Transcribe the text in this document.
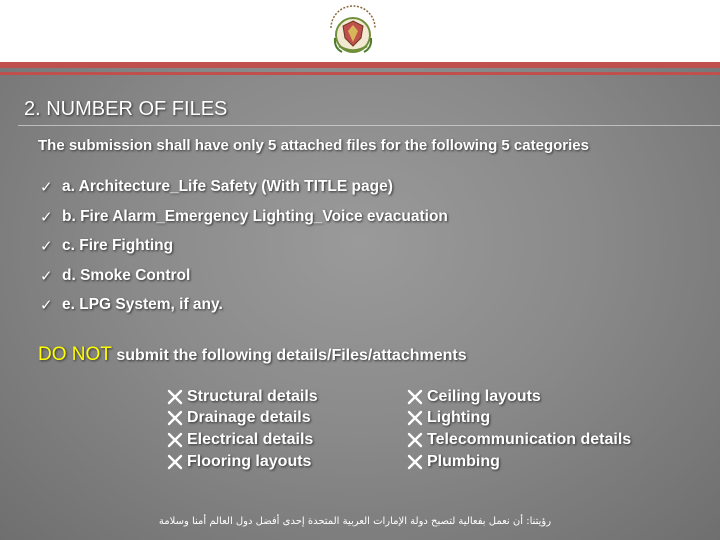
2. NUMBER OF FILES
The submission shall have only 5 attached files for the following 5 categories
✓ a. Architecture_Life Safety (With TITLE page)
✓ b. Fire Alarm_Emergency Lighting_Voice evacuation
✓ c. Fire Fighting
✓ d. Smoke Control
✓ e. LPG System, if any.
DO NOT submit the following details/Files/attachments
Structural details
Drainage details
Electrical details
Flooring layouts
Ceiling layouts
Lighting
Telecommunication details
Plumbing
رؤيتنا: أن نعمل بفعالية لتصبح دولة الإمارات العربية المتحدة إحدى أفضل دول العالم أمنا وسلامة
